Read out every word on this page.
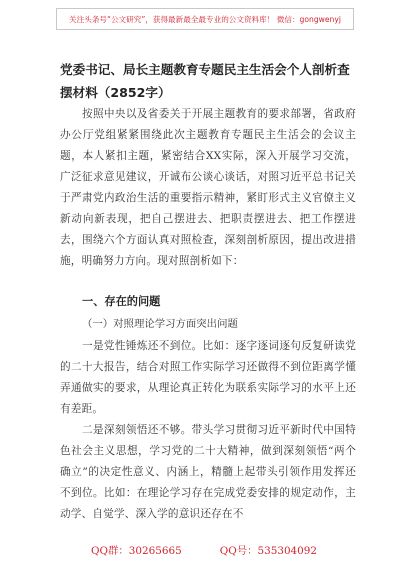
关注头条号“公文研究”，获得最新最全最专业的公文资料库！ 微信：gongwenyj
党委书记、局长主题教育专题民主生活会个人剖析查摆材料（2852字）
按照中央以及省委关于开展主题教育的要求部署，省政府办公厅党组紧紧围绕此次主题教育专题民主生活会的会议主题，本人紧扣主题，紧密结合XX实际，深入开展学习交流，广泛征求意见建议，开诚布公谈心谈话，对照习近平总书记关于严肃党内政治生活的重要指示精神，紧盯形式主义官僚主义新动向新表现，把自己摆进去、把职责摆进去、把工作摆进去，围绕六个方面认真对照检查，深刻剖析原因，提出改进措施，明确努力方向。现对照剖析如下：
一、存在的问题
（一）对照理论学习方面突出问题
一是党性锤炼还不到位。比如：逐字逐词逐句反复研读党的二十大报告，结合对照工作实际学习还做得不到位距离学懂弄通做实的要求，从理论真正转化为联系实际学习的水平上还有差距。
二是深刻领悟还不够。带头学习贯彻习近平新时代中国特色社会主义思想，学习党的二十大精神，做到深刻领悟“两个确立”的决定性意义、内涵上，精髓上起带头引领作用发挥还不到位。比如：在理论学习存在完成党委安排的规定动作，主动学、自觉学、深入学的意识还存在不
QQ群：30265665	QQ号：535304092
